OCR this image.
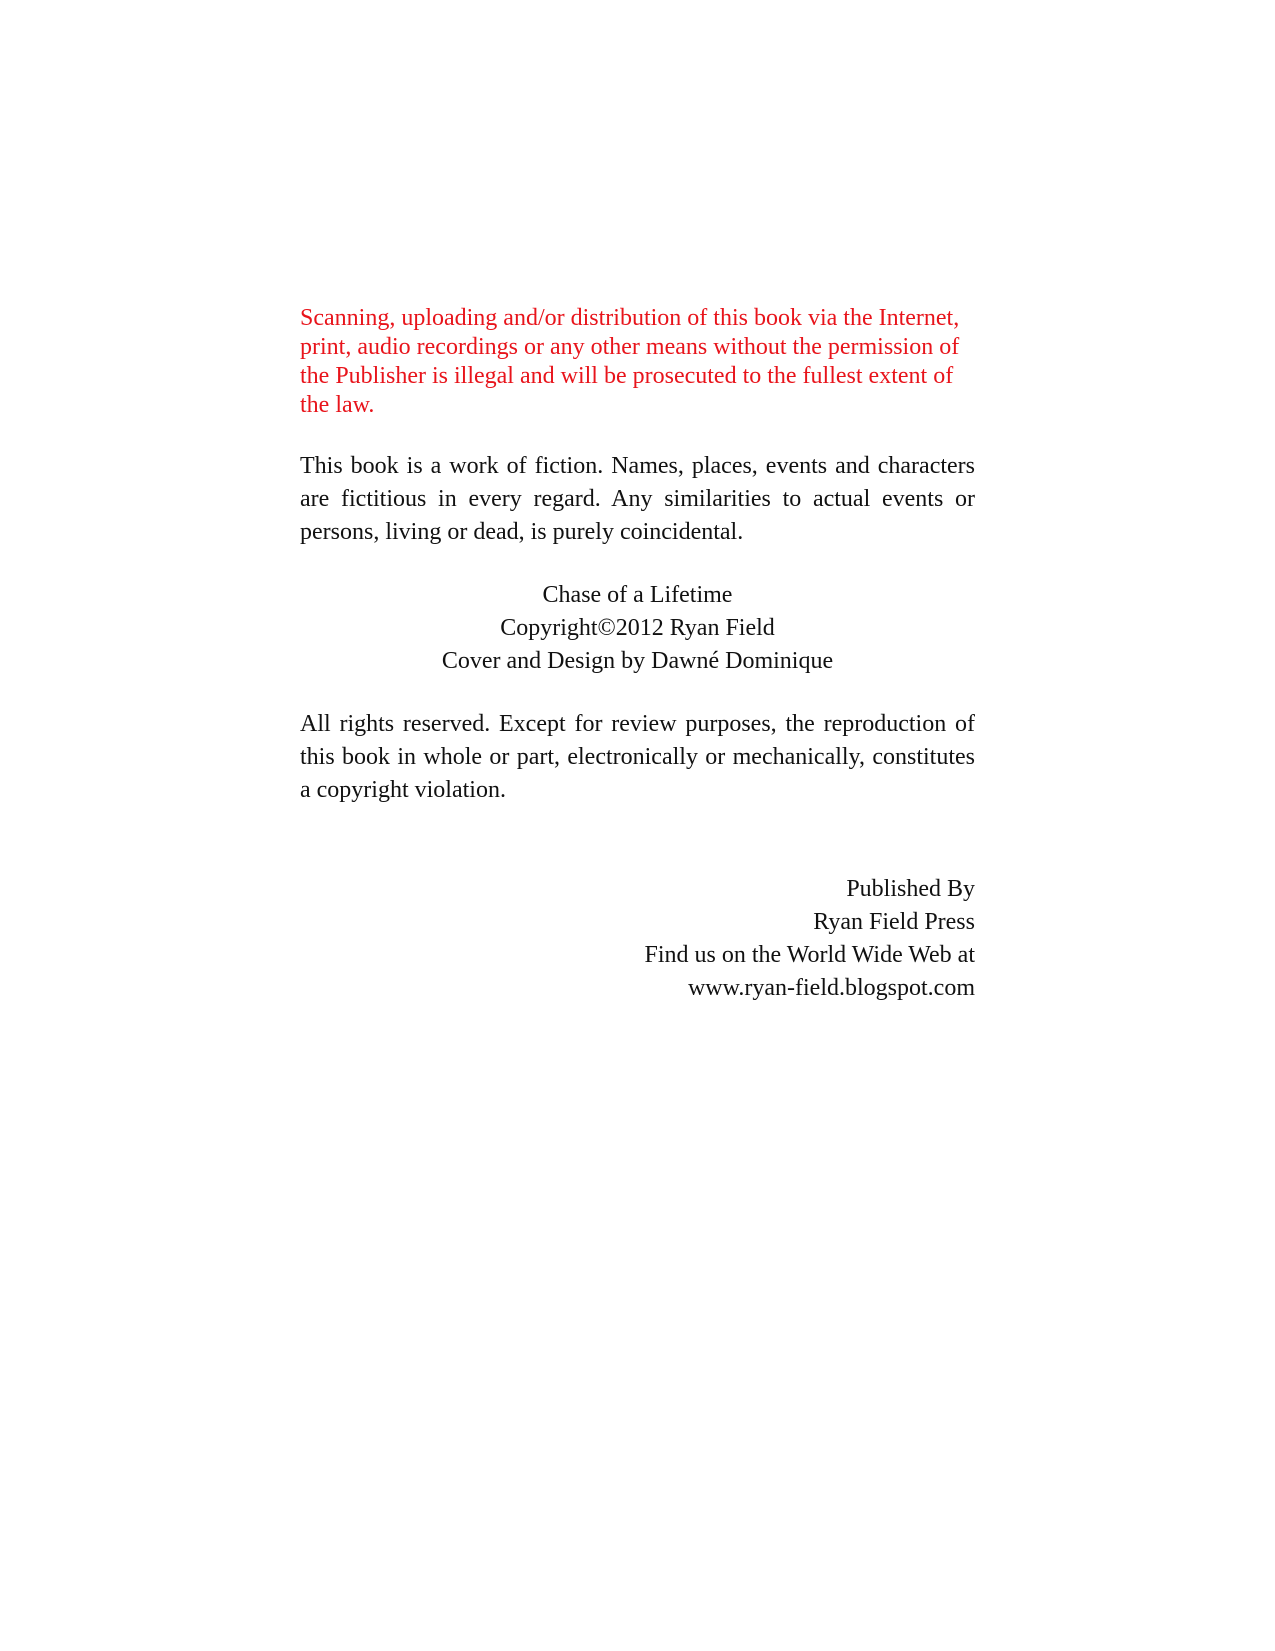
Scanning, uploading and/or distribution of this book via the Internet, print, audio recordings or any other means without the permission of the Publisher is illegal and will be prosecuted to the fullest extent of the law.

This book is a work of fiction. Names, places, events and characters are fictitious in every regard. Any similarities to actual events or persons, living or dead, is purely coincidental.

Chase of a Lifetime
Copyright©2012 Ryan Field
Cover and Design by Dawné Dominique

All rights reserved. Except for review purposes, the reproduction of this book in whole or part, electronically or mechanically, constitutes a copyright violation.

Published By
Ryan Field Press
Find us on the World Wide Web at
www.ryan-field.blogspot.com
